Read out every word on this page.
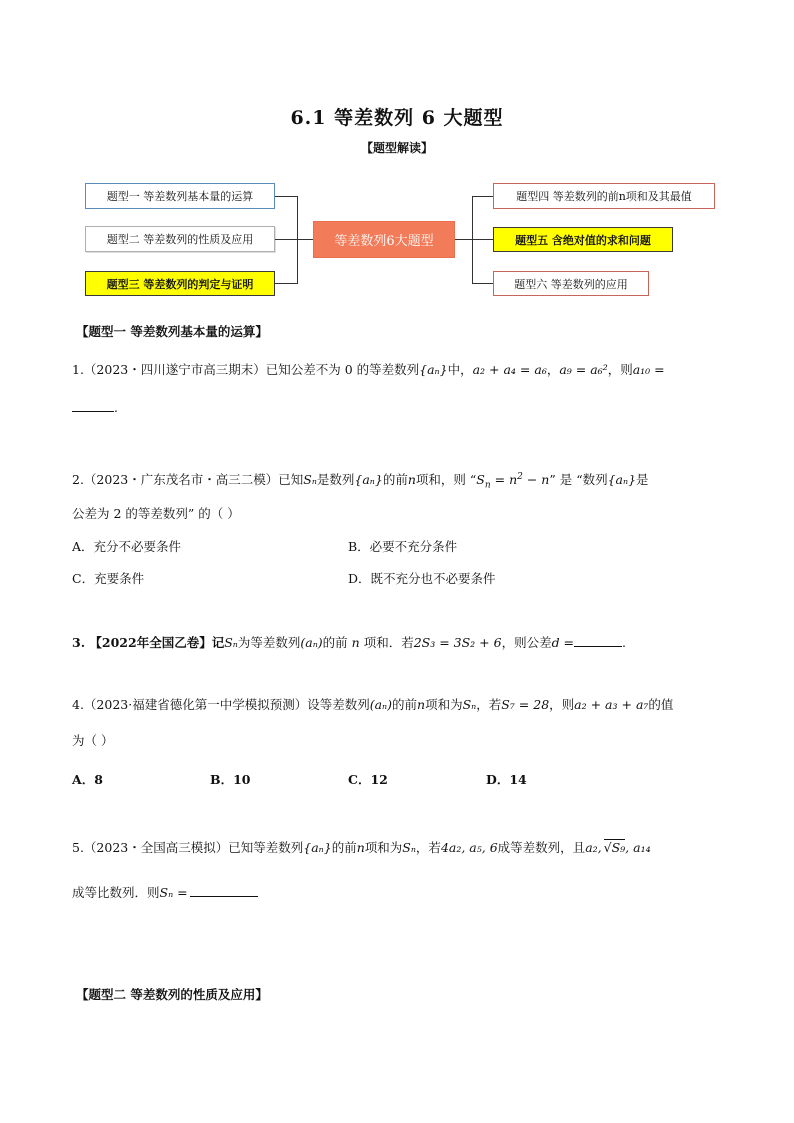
6.1 等差数列 6 大题型
【题型解读】
题型一 等差数列基本量的运算
题型二 等差数列的性质及应用
题型三 等差数列的判定与证明
等差数列6大题型
题型四 等差数列的前n项和及其最值
题型五 含绝对值的求和问题
题型六 等差数列的应用
【题型一 等差数列基本量的运算】
1.（2023・四川遂宁市高三期末）已知公差不为 0 的等差数列{aₙ}中，a₂ + a₄ = a₆，a₉ = a₆²，则a₁₀ =
.
2.（2023・广东茂名市・高三二模）已知Sₙ是数列{aₙ}的前n项和，则 “$S_n = n^2 - n$” 是 “数列{aₙ}是
公差为 2 的等差数列” 的（ ）
A．充分不必要条件	B．必要不充分条件
C．充要条件	D．既不充分也不必要条件
3. 【2022年全国乙卷】记Sₙ为等差数列(aₙ)的前 n 项和．若2S₃ = 3S₂ + 6，则公差d =	.
4.（2023·福建省德化第一中学模拟预测）设等差数列(aₙ)的前n项和为Sₙ，若S₇ = 28，则a₂ + a₃ + a₇的值
为（ ）
A．8	B．10	C．12	D．14
5.（2023・全国高三模拟）已知等差数列{aₙ}的前n项和为Sₙ，若4a₂, a₅, 6成等差数列，且a₂, √S₉, a₁₄
成等比数列．则Sₙ =
【题型二 等差数列的性质及应用】
